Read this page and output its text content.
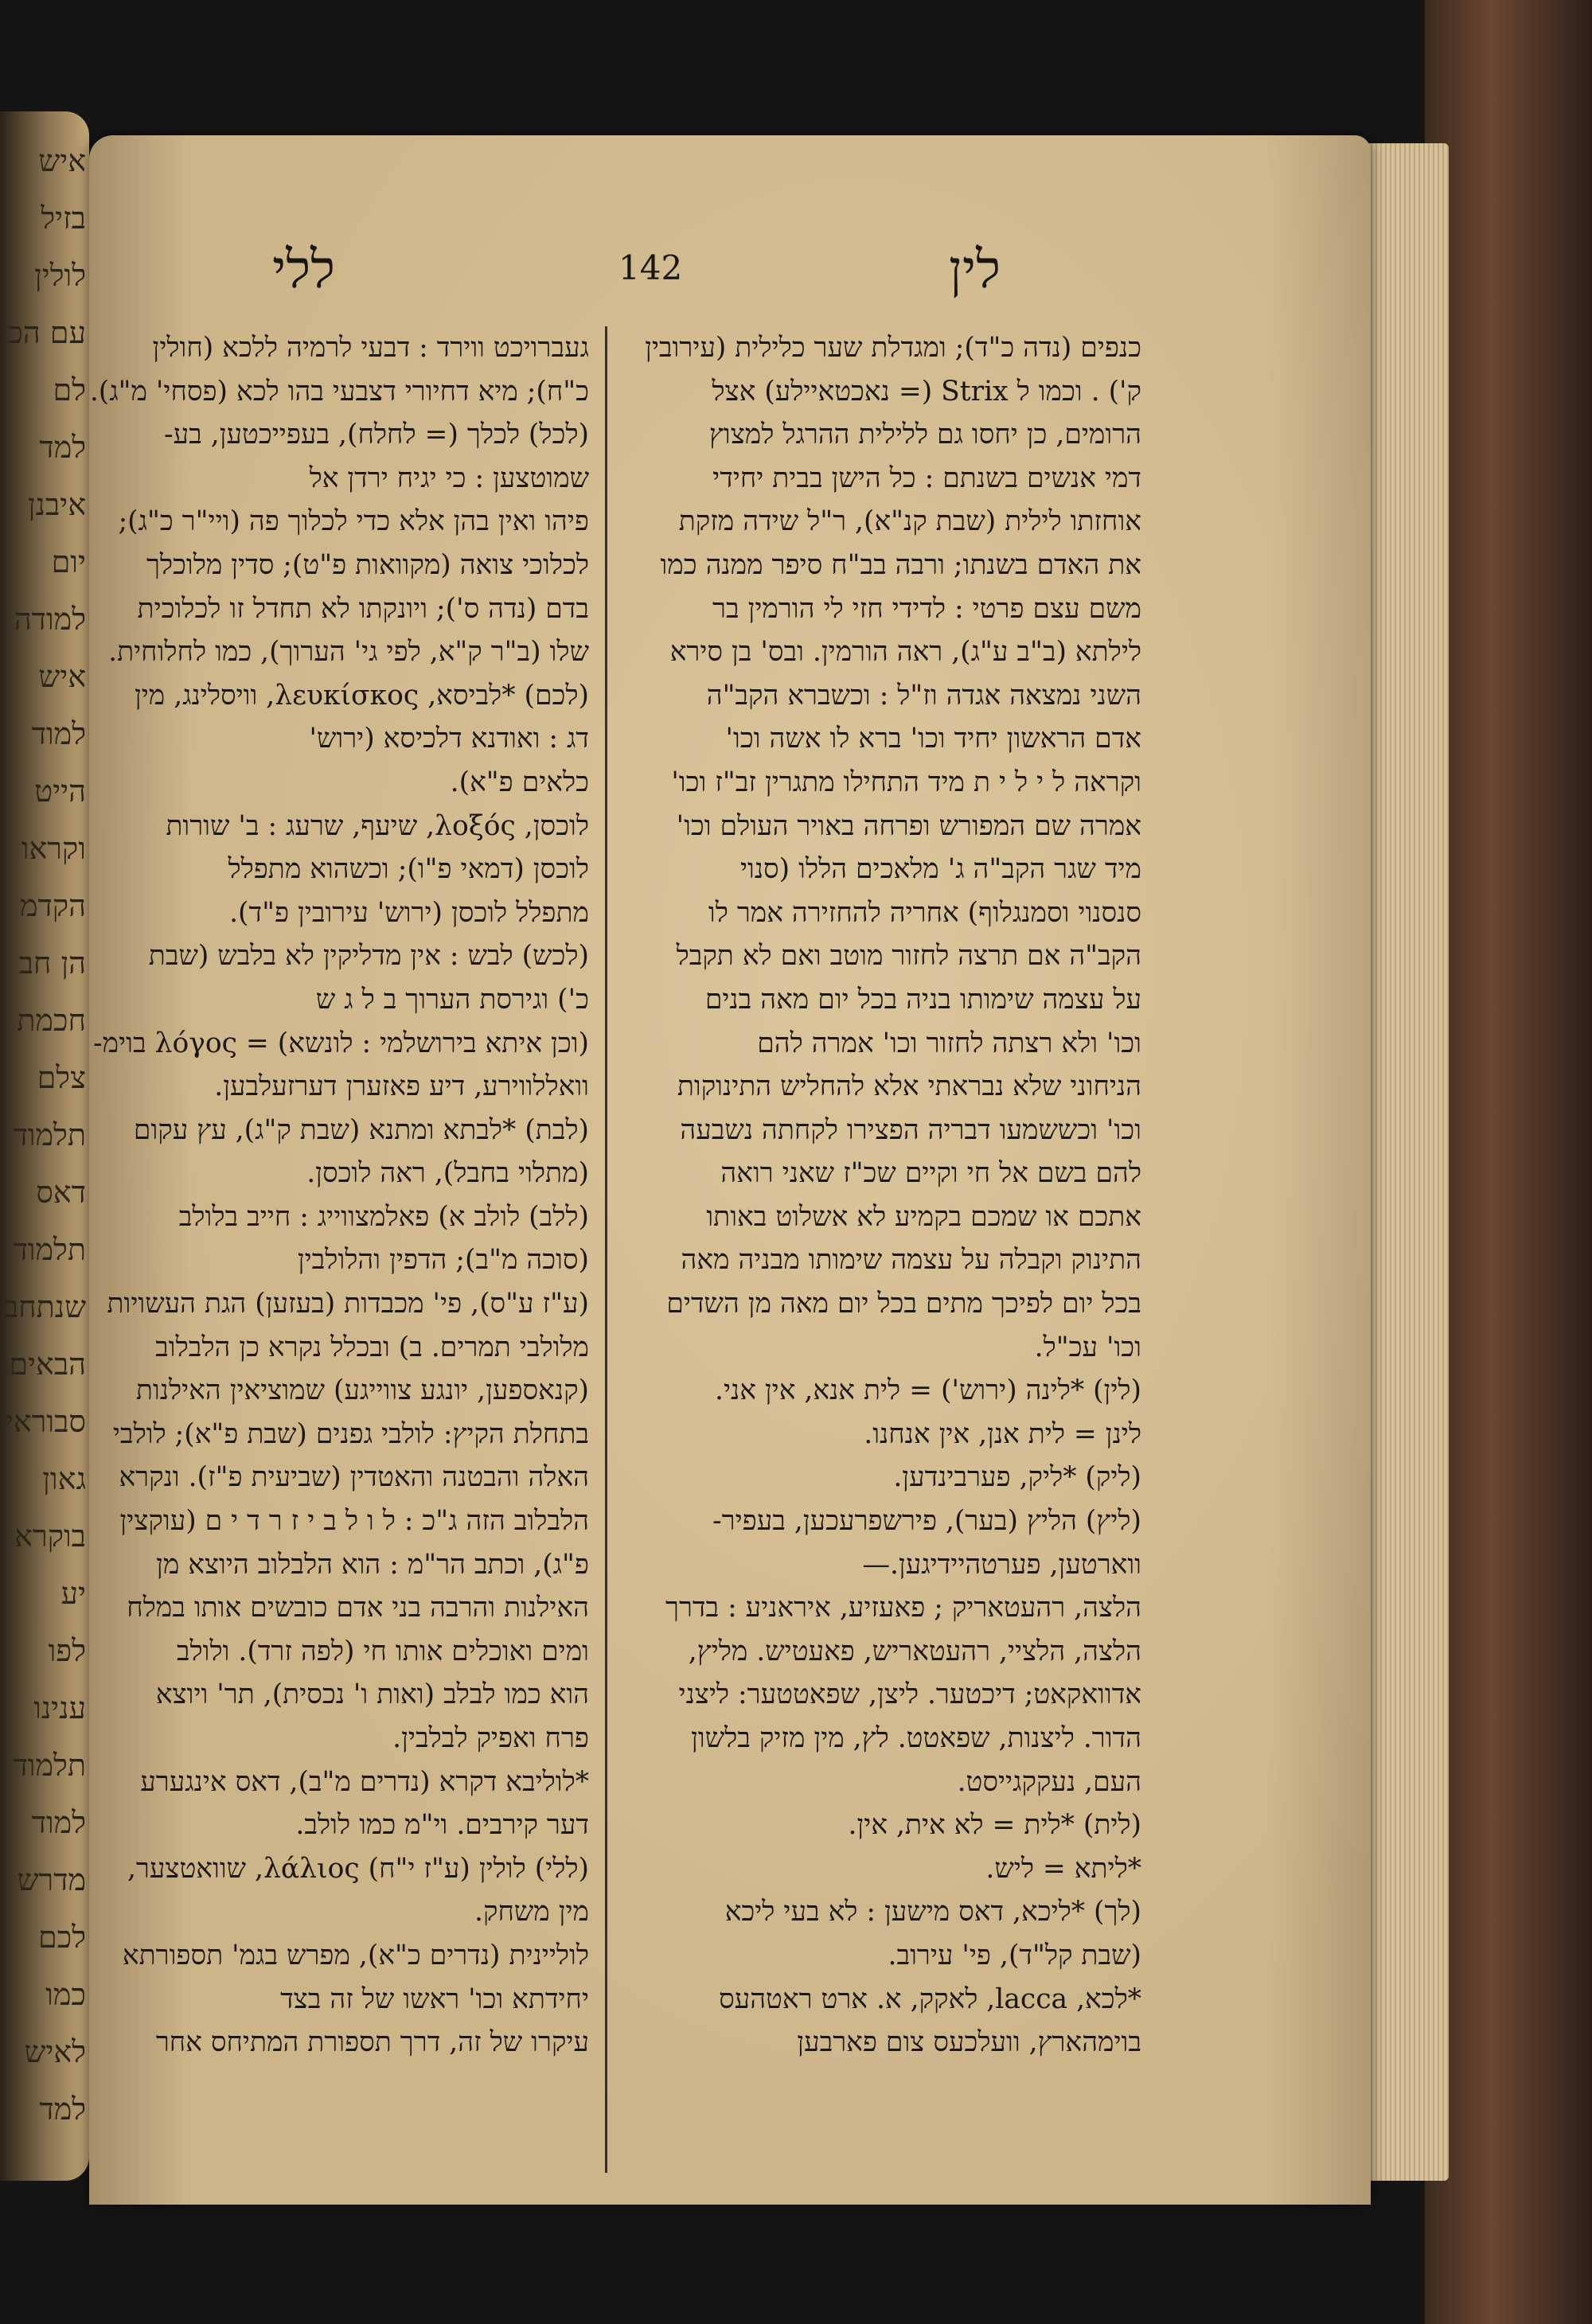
איש
בזיל
לולין
עם הכ
לם
למד
איבנן
יום
למודה
איש
למוד
הייט
וקראו
הקדמ
הן חב
חכמת
צלם
תלמוד
דאס
תלמוד
שנתחב
הבאים
סבוראי
גאון
בוקרא
יע
לפו
ענינו
תלמוד
למוד
מדרש
לכם
כמו
לאיש
למד
ללי	142	לין
געברויכט ווירד : דבעי לרמיה ללכא (חולין
כ"ח); מיא דחיורי דצבעי בהו לכא (פסחי' מ"ג).
(לכל) לכלך (= לחלח), בעפייכטען, בע-
שמוטצען : כי יגיח ירדן אל
פיהו ואין בהן אלא כדי לכלוך פה (ויי"ר כ"ג);
לכלוכי צואה (מקוואות פ"ט); סדין מלוכלך
בדם (נדה ס'); ויונקתו לא תחדל זו לכלוכית
שלו (ב"ר ק"א, לפי גי' הערוך), כמו לחלוחית.
(לכם) *לביסא, λευκίσκος, וויסלינג, מין
דג : ואודנא דלכיסא (ירוש'
כלאים פ"א).
לוכסן, λοξός, שיעף, שרעג : ב' שורות
לוכסן (דמאי פ"ו); וכשהוא מתפלל
מתפלל לוכסן (ירוש' עירובין פ"ד).
(לכש) לבש : אין מדליקין לא בלבש (שבת
כ') וגירסת הערוך ב ל ג ש
(וכן איתא בירושלמי : לונשא) = λόγος בוימ-
וואללווירע, דיע פאזערן דערזעלבען.
(לבת) *לבתא ומתנא (שבת ק"ג), עץ עקום
(מתלוי בחבל), ראה לוכסן.
(ללב) לולב א) פאלמצווייג : חייב בלולב
(סוכה מ"ב); הדפין והלולבין
(ע"ז ע"ס), פי' מכבדות (בעזען) הגת העשויות
מלולבי תמרים. ב) ובכלל נקרא כן הלבלוב
(קנאספען, יונגע צווייגע) שמוציאין האילנות
בתחלת הקיץ: לולבי גפנים (שבת פ"א); לולבי
האלה והבטנה והאטדין (שביעית פ"ז). ונקרא
הלבלוב הזה ג"כ : ל ו ל ב י ז ר ד י ם (עוקצין
פ"ג), וכתב הר"מ : הוא הלבלוב היוצא מן
האילנות והרבה בני אדם כובשים אותו במלח
ומים ואוכלים אותו חי (לפה זרד). ולולב
הוא כמו לבלב (ואות ו' נכסית), תר' ויוצא
פרח ואפיק לבלבין.
*לוליבא דקרא (נדרים מ"ב), דאס אינגערע
דער קירבים. וי"מ כמו לולב.
(ללי) לולין (ע"ז י"ח) λάλιος, שוואטצער,
מין משחק.
לוליינית (נדרים כ"א), מפרש בגמ' תספורתא
יחידתא וכו' ראשו של זה בצד
עיקרו של זה, דרך תספורת המתיחס אחר
כנפים (נדה כ"ד); ומגדלת שער כלילית (עירובין
ק') . וכמו ל Strix (= נאכטאיילע) אצל
הרומים, כן יחסו גם ללילית ההרגל למצוץ
דמי אנשים בשנתם : כל הישן בבית יחידי
אוחזתו לילית (שבת קנ"א), ר"ל שידה מזקת
את האדם בשנתו; ורבה בב"ח סיפר ממנה כמו
משם עצם פרטי : לדידי חזי לי הורמין בר
לילתא (ב"ב ע"ג), ראה הורמין. ובס' בן סירא
השני נמצאה אגדה וז"ל : וכשברא הקב"ה
אדם הראשון יחיד וכו' ברא לו אשה וכו'
וקראה ל י ל י ת מיד התחילו מתגרין זב"ז וכו'
אמרה שם המפורש ופרחה באויר העולם וכו'
מיד שגר הקב"ה ג' מלאכים הללו (סנוי
סנסנוי וסמנגלוף) אחריה להחזירה אמר לו
הקב"ה אם תרצה לחזור מוטב ואם לא תקבל
על עצמה שימותו בניה בכל יום מאה בנים
וכו' ולא רצתה לחזור וכו' אמרה להם
הניחוני שלא נבראתי אלא להחליש התינוקות
וכו' וכששמעו דבריה הפצירו לקחתה נשבעה
להם בשם אל חי וקיים שכ"ז שאני רואה
אתכם או שמכם בקמיע לא אשלוט באותו
התינוק וקבלה על עצמה שימותו מבניה מאה
בכל יום לפיכך מתים בכל יום מאה מן השדים
וכו' עכ"ל.
(לין) *לינה (ירוש') = לית אנא, אין אני.
לינן = לית אנן, אין אנחנו.
(ליק) *ליק, פערבינדען.
(ליץ) הליץ (בער), פירשפרעכען, בעפיר-
ווארטען, פערטהיידיגען.—
הלצה, רהעטאריק ; פאעזיע, איראניע : בדרך
הלצה, הלציי, רהעטאריש, פאעטיש. מליץ,
אדוואקאט; דיכטער. ליצן, שפאטטער: ליצני
הדור. ליצנות, שפאטט. לץ, מין מזיק בלשון
העם, נעקקגייסט.
(לית) *לית = לא אית, אין.
*ליתא = ליש.
(לך) *ליכא, דאס מישען : לא בעי ליכא
(שבת קל"ד), פי' עירוב.
*לכא, lacca, לאקק, א. ארט ראטהעס
בוימהארץ, וועלכעס צום פארבען
